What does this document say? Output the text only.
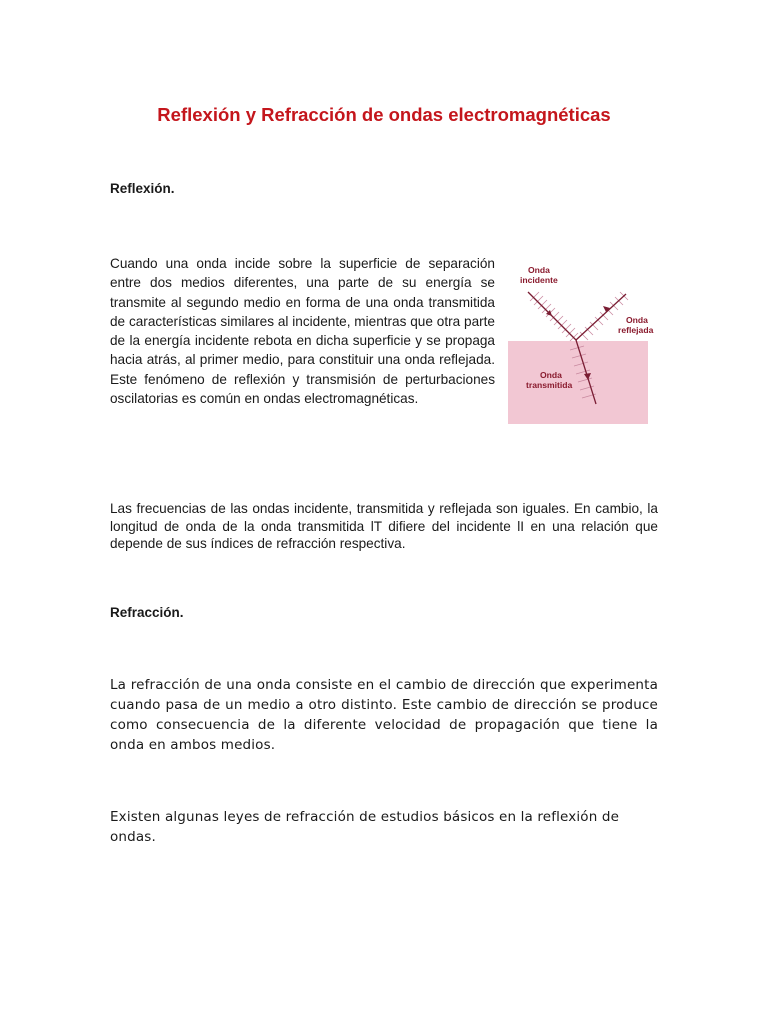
Reflexión y Refracción de ondas electromagnéticas
Reflexión.

Cuando una onda incide sobre la superficie de separación entre dos medios diferentes, una parte de su energía se transmite al segundo medio en forma de una onda transmitida de características similares al incidente, mientras que otra parte de la energía incidente rebota en dicha superficie y se propaga hacia atrás, al primer medio, para constituir una onda reflejada. Este fenómeno de reflexión y transmisión de perturbaciones oscilatorias es común en ondas electromagnéticas.

Onda
incidente
Onda
reflejada
Onda
transmitida

Las frecuencias de las ondas incidente, transmitida y reflejada son iguales. En cambio, la longitud de onda de la onda transmitida lT difiere del incidente lI en una relación que depende de sus índices de refracción respectiva.

Refracción.

La refracción de una onda consiste en el cambio de dirección que experimenta cuando pasa de un medio a otro distinto. Este cambio de dirección se produce como consecuencia de la diferente velocidad de propagación que tiene la onda en ambos medios.

Existen algunas leyes de refracción de estudios básicos en la reflexión de ondas.
